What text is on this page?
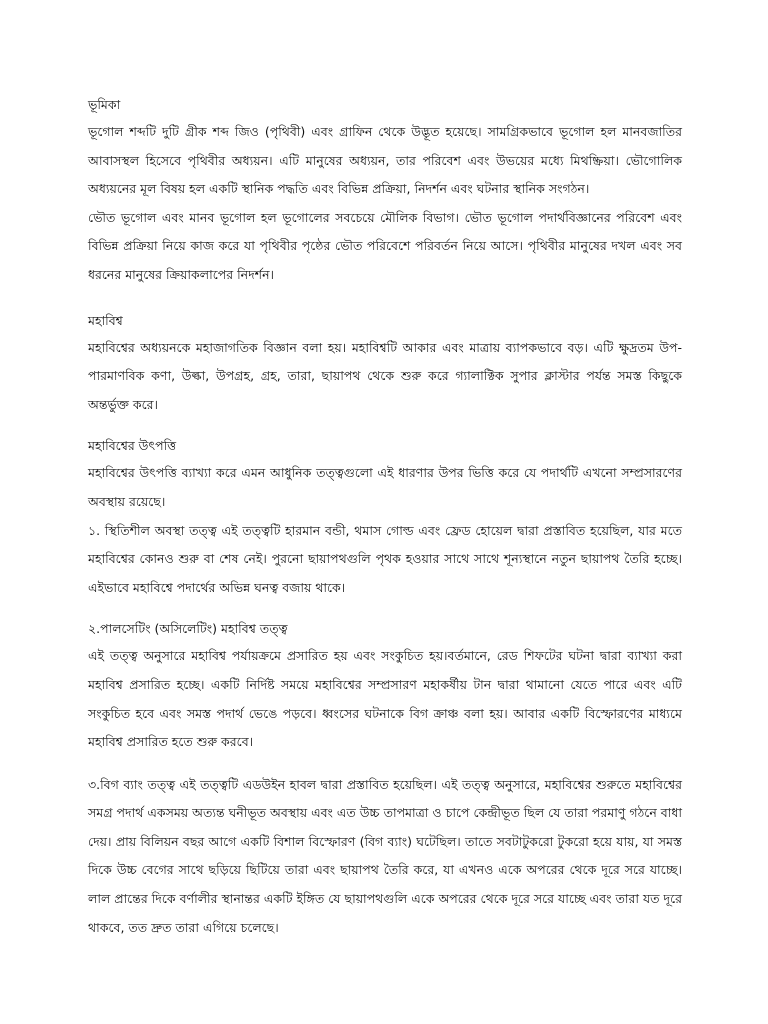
ভূমিকা

ভূগোল শব্দটি দুটি গ্রীক শব্দ জিও (পৃথিবী) এবং গ্রাফিন থেকে উদ্ভূত হয়েছে। সামগ্রিকভাবে ভূগোল হল মানবজাতির আবাসস্থল হিসেবে পৃথিবীর অধ্যয়ন। এটি মানুষের অধ্যয়ন, তার পরিবেশ এবং উভয়ের মধ্যে মিথষ্ক্রিয়া। ভৌগোলিক অধ্যয়নের মূল বিষয় হল একটি স্থানিক পদ্ধতি এবং বিভিন্ন প্রক্রিয়া, নিদর্শন এবং ঘটনার স্থানিক সংগঠন।

ভৌত ভূগোল এবং মানব ভূগোল হল ভূগোলের সবচেয়ে মৌলিক বিভাগ। ভৌত ভূগোল পদার্থবিজ্ঞানের পরিবেশ এবং বিভিন্ন প্রক্রিয়া নিয়ে কাজ করে যা পৃথিবীর পৃষ্ঠের ভৌত পরিবেশে পরিবর্তন নিয়ে আসে। পৃথিবীর মানুষের দখল এবং সব ধরনের মানুষের ক্রিয়াকলাপের নিদর্শন।

মহাবিশ্ব

মহাবিশ্বের অধ্যয়নকে মহাজাগতিক বিজ্ঞান বলা হয়। মহাবিশ্বটি আকার এবং মাত্রায় ব্যাপকভাবে বড়। এটি ক্ষুদ্রতম উপ-পারমাণবিক কণা, উল্কা, উপগ্রহ, গ্রহ, তারা, ছায়াপথ থেকে শুরু করে গ্যালাক্টিক সুপার ক্লাস্টার পর্যন্ত সমস্ত কিছুকে অন্তর্ভুক্ত করে।

মহাবিশ্বের উৎপত্তি

মহাবিশ্বের উৎপত্তি ব্যাখ্যা করে এমন আধুনিক তত্ত্বগুলো এই ধারণার উপর ভিত্তি করে যে পদার্থটি এখনো সম্প্রসারণের অবস্থায় রয়েছে।

১. স্থিতিশীল অবস্থা তত্ত্ব এই তত্ত্বটি হারমান বন্ডী, থমাস গোল্ড এবং ফ্রেড হোয়েল দ্বারা প্রস্তাবিত হয়েছিল, যার মতে মহাবিশ্বের কোনও শুরু বা শেষ নেই। পুরনো ছায়াপথগুলি পৃথক হওয়ার সাথে সাথে শূন্যস্থানে নতুন ছায়াপথ তৈরি হচ্ছে। এইভাবে মহাবিশ্বে পদার্থের অভিন্ন ঘনত্ব বজায় থাকে।

২.পালসেটিং (অসিলেটিং) মহাবিশ্ব তত্ত্ব

এই তত্ত্ব অনুসারে মহাবিশ্ব পর্যায়ক্রমে প্রসারিত হয় এবং সংকুচিত হয়।বর্তমানে, রেড শিফটের ঘটনা দ্বারা ব্যাখ্যা করা মহাবিশ্ব প্রসারিত হচ্ছে। একটি নির্দিষ্ট সময়ে মহাবিশ্বের সম্প্রসারণ মহাকর্ষীয় টান দ্বারা থামানো যেতে পারে এবং এটি সংকুচিত হবে এবং সমস্ত পদার্থ ভেঙে পড়বে। ধ্বংসের ঘটনাকে বিগ ক্রাঞ্চ বলা হয়। আবার একটি বিস্ফোরণের মাধ্যমে মহাবিশ্ব প্রসারিত হতে শুরু করবে।

৩.বিগ ব্যাং তত্ত্ব এই তত্ত্বটি এডউইন হাবল দ্বারা প্রস্তাবিত হয়েছিল। এই তত্ত্ব অনুসারে, মহাবিশ্বের শুরুতে মহাবিশ্বের সমগ্র পদার্থ একসময় অত্যন্ত ঘনীভূত অবস্থায় এবং এত উচ্চ তাপমাত্রা ও চাপে কেন্দ্রীভূত ছিল যে তারা পরমাণু গঠনে বাধা দেয়। প্রায় বিলিয়ন বছর আগে একটি বিশাল বিস্ফোরণ (বিগ ব্যাং) ঘটেছিল। তাতে সবটাটুকরো টুকরো হয়ে যায়, যা সমস্ত দিকে উচ্চ বেগের সাথে ছড়িয়ে ছিটিয়ে তারা এবং ছায়াপথ তৈরি করে, যা এখনও একে অপরের থেকে দূরে সরে যাচ্ছে। লাল প্রান্তের দিকে বর্ণালীর স্থানান্তর একটি ইঙ্গিত যে ছায়াপথগুলি একে অপরের থেকে দূরে সরে যাচ্ছে এবং তারা যত দূরে থাকবে, তত দ্রুত তারা এগিয়ে চলেছে।
